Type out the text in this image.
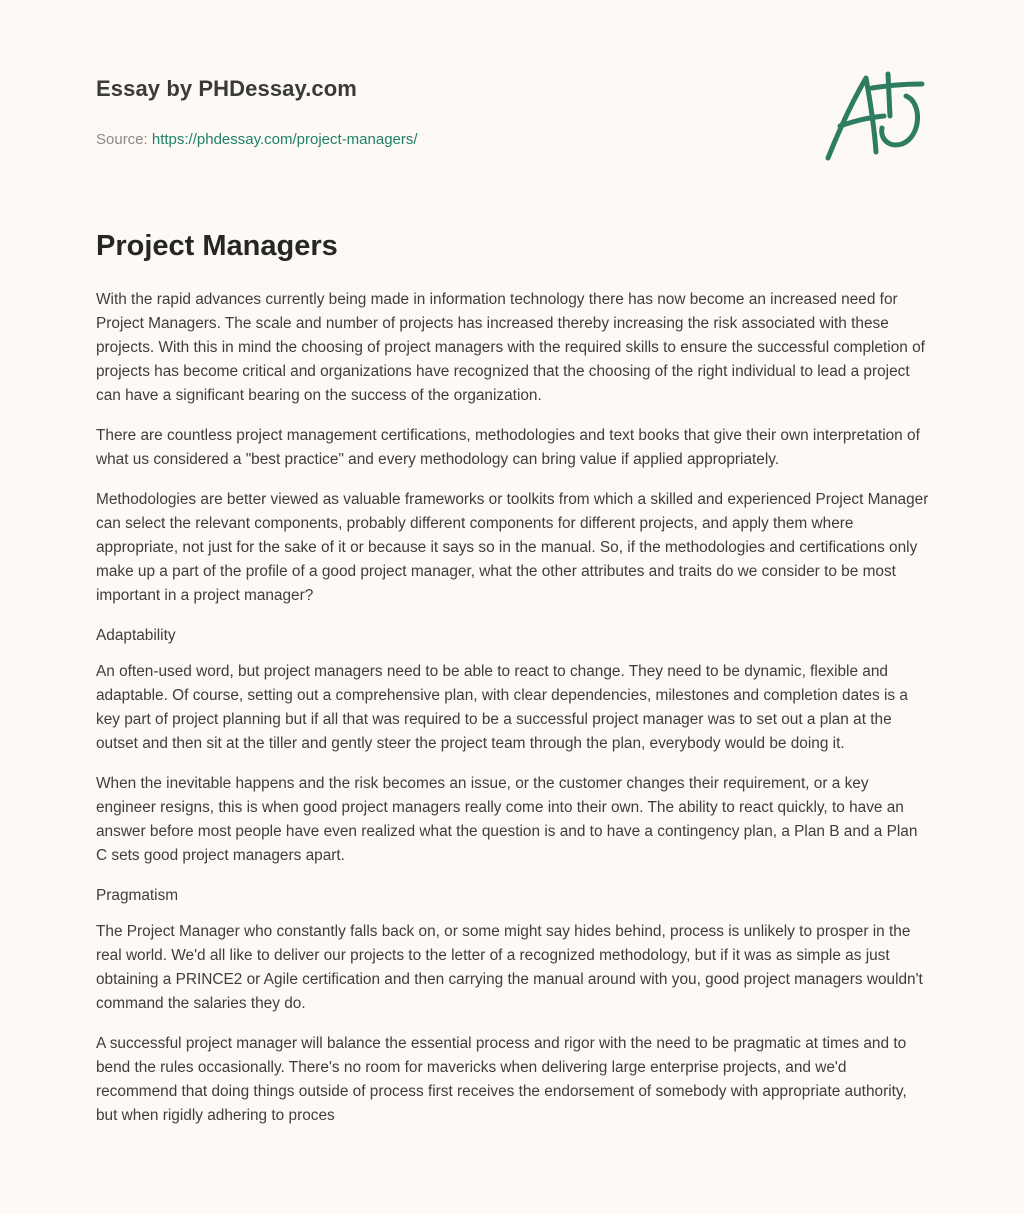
Essay by PHDessay.com
Source: https://phdessay.com/project-managers/
Project Managers

With the rapid advances currently being made in information technology there has now become an increased need for Project Managers. The scale and number of projects has increased thereby increasing the risk associated with these projects. With this in mind the choosing of project managers with the required skills to ensure the successful completion of projects has become critical and organizations have recognized that the choosing of the right individual to lead a project can have a significant bearing on the success of the organization.

There are countless project management certifications, methodologies and text books that give their own interpretation of what us considered a "best practice" and every methodology can bring value if applied appropriately.

Methodologies are better viewed as valuable frameworks or toolkits from which a skilled and experienced Project Manager can select the relevant components, probably different components for different projects, and apply them where appropriate, not just for the sake of it or because it says so in the manual. So, if the methodologies and certifications only make up a part of the profile of a good project manager, what the other attributes and traits do we consider to be most important in a project manager?

Adaptability

An often-used word, but project managers need to be able to react to change. They need to be dynamic, flexible and adaptable. Of course, setting out a comprehensive plan, with clear dependencies, milestones and completion dates is a key part of project planning but if all that was required to be a successful project manager was to set out a plan at the outset and then sit at the tiller and gently steer the project team through the plan, everybody would be doing it.

When the inevitable happens and the risk becomes an issue, or the customer changes their requirement, or a key engineer resigns, this is when good project managers really come into their own. The ability to react quickly, to have an answer before most people have even realized what the question is and to have a contingency plan, a Plan B and a Plan C sets good project managers apart.

Pragmatism

The Project Manager who constantly falls back on, or some might say hides behind, process is unlikely to prosper in the real world. We'd all like to deliver our projects to the letter of a recognized methodology, but if it was as simple as just obtaining a PRINCE2 or Agile certification and then carrying the manual around with you, good project managers wouldn't command the salaries they do.

A successful project manager will balance the essential process and rigor with the need to be pragmatic at times and to bend the rules occasionally. There's no room for mavericks when delivering large enterprise projects, and we'd recommend that doing things outside of process first receives the endorsement of somebody with appropriate authority, but when rigidly adhering to proces
